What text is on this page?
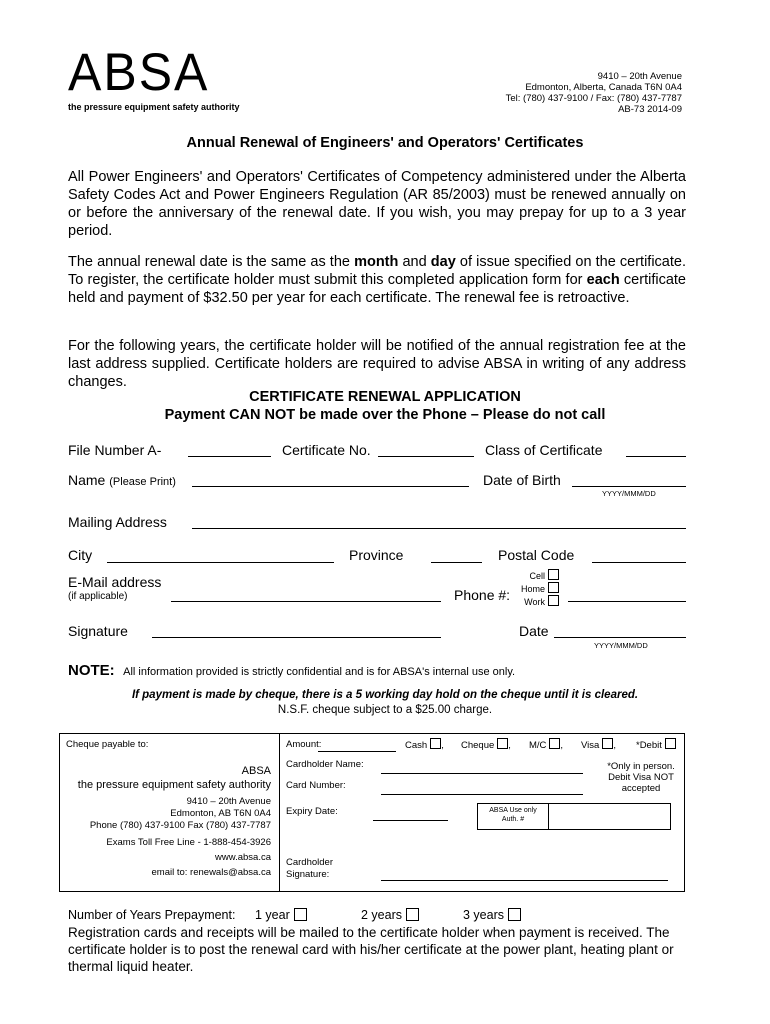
ABSA
the pressure equipment safety authority
9410 – 20th Avenue
Edmonton, Alberta, Canada T6N 0A4
Tel: (780) 437-9100 / Fax: (780) 437-7787
AB-73 2014-09
Annual Renewal of Engineers' and Operators' Certificates
All Power Engineers' and Operators' Certificates of Competency administered under the Alberta Safety Codes Act and Power Engineers Regulation (AR 85/2003) must be renewed annually on or before the anniversary of the renewal date. If you wish, you may prepay for up to a 3 year period.
The annual renewal date is the same as the month and day of issue specified on the certificate. To register, the certificate holder must submit this completed application form for each certificate held and payment of $32.50 per year for each certificate. The renewal fee is retroactive.
For the following years, the certificate holder will be notified of the annual registration fee at the last address supplied. Certificate holders are required to advise ABSA in writing of any address changes.
CERTIFICATE RENEWAL APPLICATION
Payment CAN NOT be made over the Phone – Please do not call
File Number A-	Certificate No.	Class of Certificate
Name (Please Print)	Date of Birth
YYYY/MMM/DD
Mailing Address
City	Province	Postal Code
E-Mail address
(if applicable)	Phone #:
Cell
Home
Work
Signature	Date
YYYY/MMM/DD
NOTE: All information provided is strictly confidential and is for ABSA's internal use only.
If payment is made by cheque, there is a 5 working day hold on the cheque until it is cleared.
N.S.F. cheque subject to a $25.00 charge.
Cheque payable to:
ABSA
the pressure equipment safety authority
9410 – 20th Avenue
Edmonton, AB T6N 0A4
Phone (780) 437-9100 Fax (780) 437-7787
Exams Toll Free Line - 1-888-454-3926
www.absa.ca
email to: renewals@absa.ca
Amount:	Cash , Cheque , M/C , Visa , *Debit
Cardholder Name:
Card Number:
*Only in person. Debit Visa NOT accepted
Expiry Date:	ABSA Use only
Auth. #
Cardholder
Signature:
Number of Years Prepayment: 1 year	2 years	3 years
Registration cards and receipts will be mailed to the certificate holder when payment is received. The certificate holder is to post the renewal card with his/her certificate at the power plant, heating plant or thermal liquid heater.
